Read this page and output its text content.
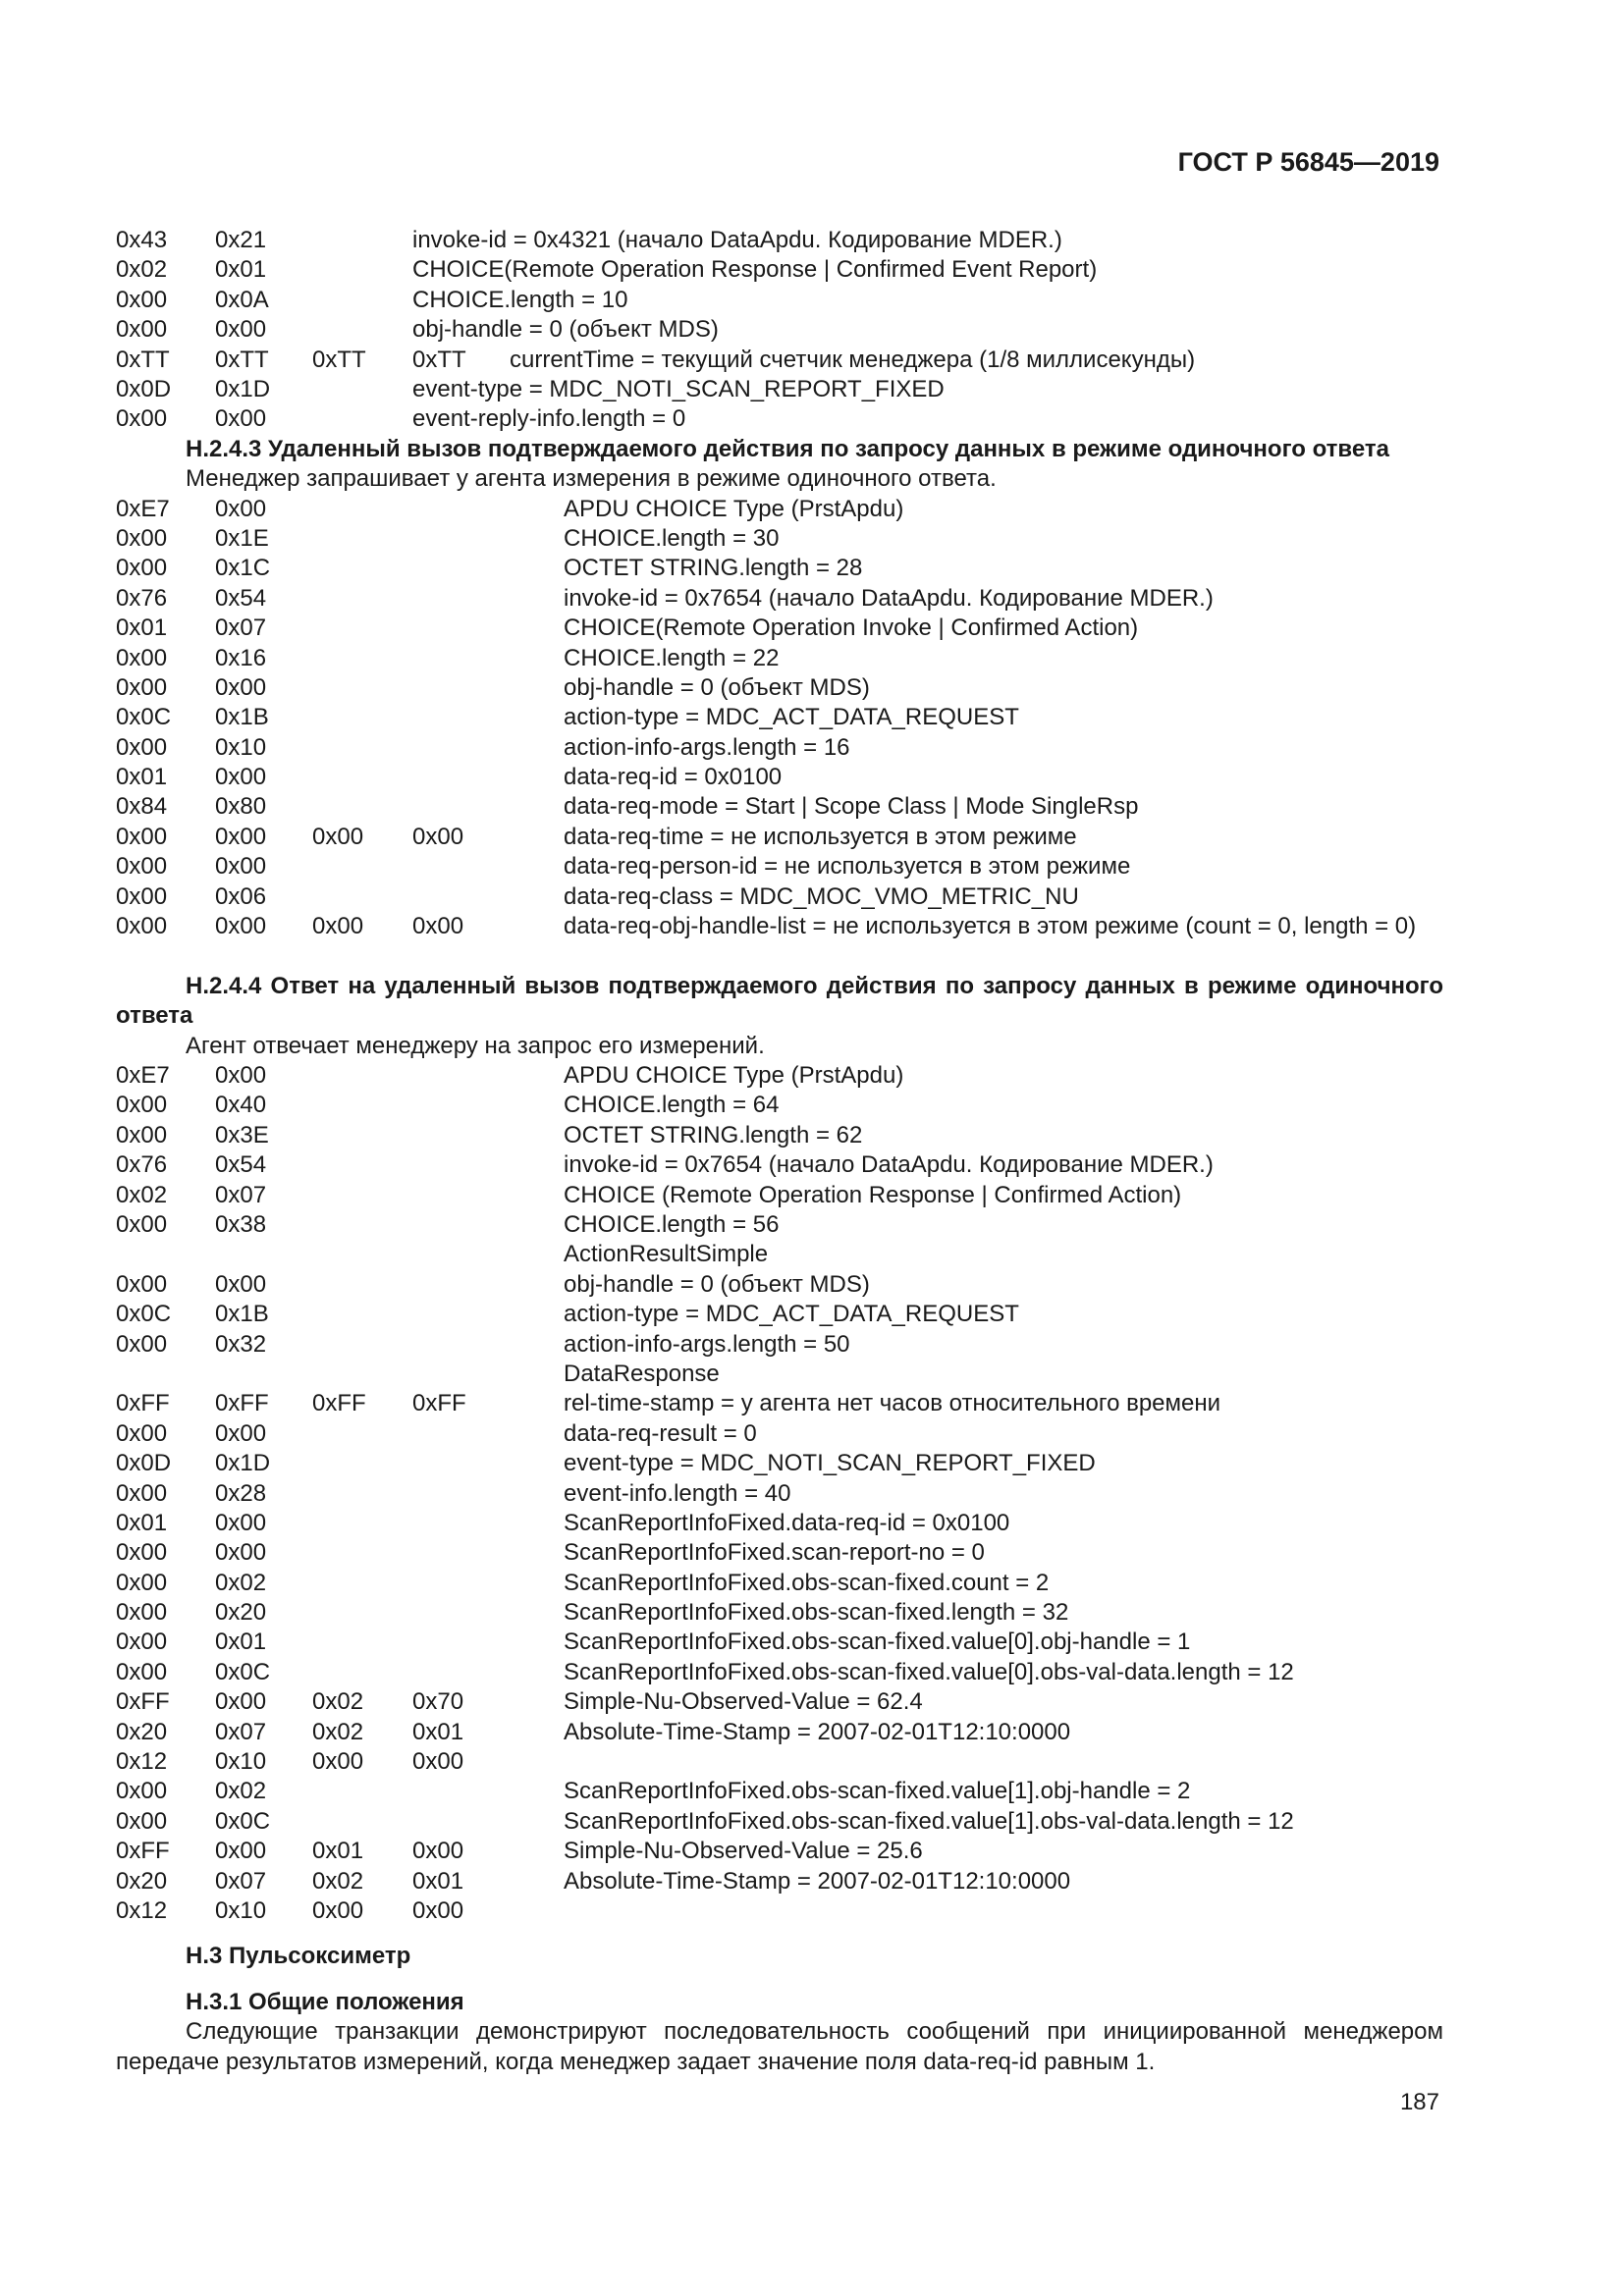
ГОСТ Р 56845—2019
0x43 0x21	invoke-id = 0x4321 (начало DataApdu. Кодирование MDER.)
0x02 0x01	CHOICE(Remote Operation Response | Confirmed Event Report)
0x00 0x0A	CHOICE.length = 10
0x00 0x00	obj-handle = 0 (объект MDS)
0xTT 0xTT 0xTT 0xTT currentTime = текущий счетчик менеджера (1/8 миллисекунды)
0x0D 0x1D	event-type = MDC_NOTI_SCAN_REPORT_FIXED
0x00 0x00	event-reply-info.length = 0

H.2.4.3 Удаленный вызов подтверждаемого действия по запросу данных в режиме одиночного ответа

Менеджер запрашивает у агента измерения в режиме одиночного ответа.

0xE7 0x00	APDU CHOICE Type (PrstApdu)
0x00 0x1E	CHOICE.length = 30
0x00 0x1C	OCTET STRING.length = 28
0x76 0x54	invoke-id = 0x7654 (начало DataApdu. Кодирование MDER.)
0x01 0x07	CHOICE(Remote Operation Invoke | Confirmed Action)
0x00 0x16	CHOICE.length = 22
0x00 0x00	obj-handle = 0 (объект MDS)
0x0C 0x1B	action-type = MDC_ACT_DATA_REQUEST
0x00 0x10	action-info-args.length = 16
0x01 0x00	data-req-id = 0x0100
0x84 0x80	data-req-mode = Start | Scope Class | Mode SingleRsp
0x00 0x00 0x00 0x00	data-req-time = не используется в этом режиме
0x00 0x00	data-req-person-id = не используется в этом режиме
0x00 0x06	data-req-class = MDC_MOC_VMO_METRIC_NU
0x00 0x00 0x00 0x00	data-req-obj-handle-list = не используется в этом режиме (count = 0, length = 0)

H.2.4.4 Ответ на удаленный вызов подтверждаемого действия по запросу данных в режиме одиночного ответа

Агент отвечает менеджеру на запрос его измерений.

0xE7 0x00	APDU CHOICE Type (PrstApdu)
0x00 0x40	CHOICE.length = 64
0x00 0x3E	OCTET STRING.length = 62
0x76 0x54	invoke-id = 0x7654 (начало DataApdu. Кодирование MDER.)
0x02 0x07	CHOICE (Remote Operation Response | Confirmed Action)
0x00 0x38	CHOICE.length = 56
ActionResultSimple
0x00 0x00	obj-handle = 0 (объект MDS)
0x0C 0x1B	action-type = MDC_ACT_DATA_REQUEST
0x00 0x32	action-info-args.length = 50
DataResponse
0xFF 0xFF 0xFF 0xFF	rel-time-stamp = у агента нет часов относительного времени
0x00 0x00	data-req-result = 0
0x0D 0x1D	event-type = MDC_NOTI_SCAN_REPORT_FIXED
0x00 0x28	event-info.length = 40
0x01 0x00	ScanReportInfoFixed.data-req-id = 0x0100
0x00 0x00	ScanReportInfoFixed.scan-report-no = 0
0x00 0x02	ScanReportInfoFixed.obs-scan-fixed.count = 2
0x00 0x20	ScanReportInfoFixed.obs-scan-fixed.length = 32
0x00 0x01	ScanReportInfoFixed.obs-scan-fixed.value[0].obj-handle = 1
0x00 0x0C	ScanReportInfoFixed.obs-scan-fixed.value[0].obs-val-data.length = 12
0xFF 0x00 0x02 0x70	Simple-Nu-Observed-Value = 62.4
0x20 0x07 0x02 0x01	Absolute-Time-Stamp = 2007-02-01T12:10:0000
0x12 0x10 0x00 0x00
0x00 0x02	ScanReportInfoFixed.obs-scan-fixed.value[1].obj-handle = 2
0x00 0x0C	ScanReportInfoFixed.obs-scan-fixed.value[1].obs-val-data.length = 12
0xFF 0x00 0x01 0x00	Simple-Nu-Observed-Value = 25.6
0x20 0x07 0x02 0x01	Absolute-Time-Stamp = 2007-02-01T12:10:0000
0x12 0x10 0x00 0x00

H.3 Пульсоксиметр

H.3.1 Общие положения

Следующие транзакции демонстрируют последовательность сообщений при инициированной менеджером передаче результатов измерений, когда менеджер задает значение поля data-req-id равным 1.

187
